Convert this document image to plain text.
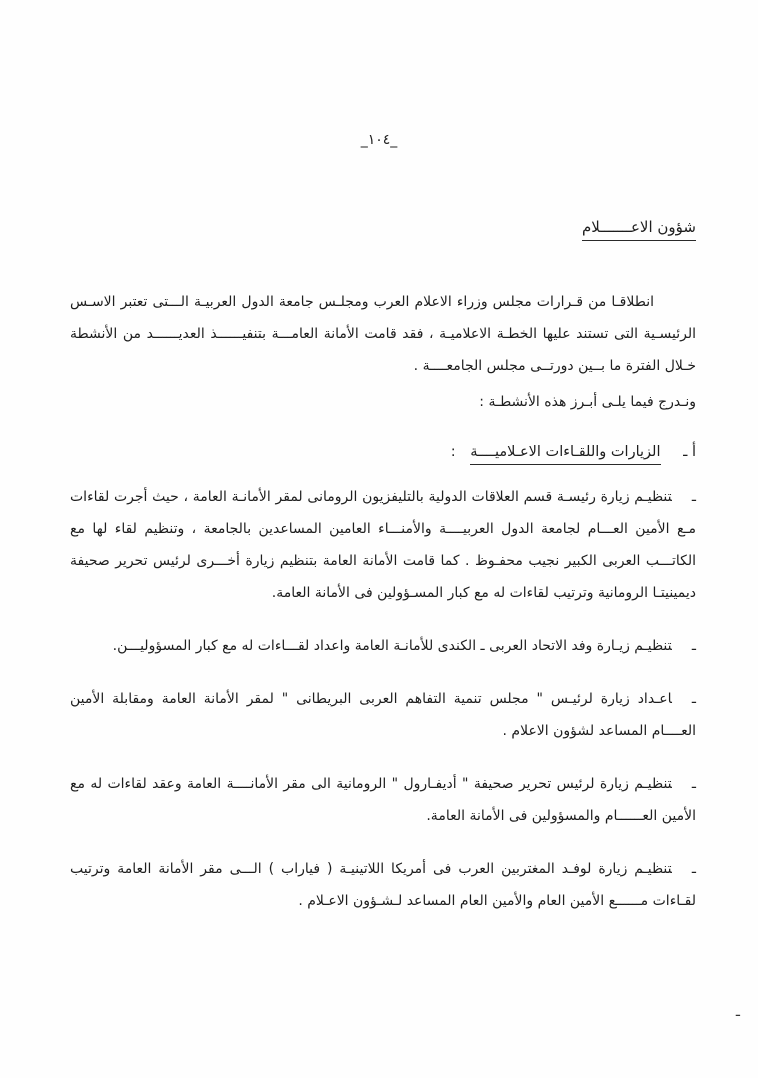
_١٠٤_
شؤون الاعـــــــلام

انطلاقـا من قـرارات مجلس وزراء الاعلام العرب ومجلـس جامعة الدول العربيـة الـــتى تعتبر الاسـس الرئيسـية التى تستند عليها الخطـة الاعلاميـة ، فقد قامت الأمانة العامـــة بتنفيــــــذ العديــــــد من الأنشطة خـلال الفترة ما بــين دورتــى مجلس الجامعــــة .

ونـدرج فيما يلـى أبـرز هذه الأنشطـة :

أ ـ الزيارات واللقـاءات الاعـلاميــــة :

ـتنظيـم زيارة رئيسـة قسم العلاقات الدولية بالتليفزيون الرومانى لمقر الأمانـة العامة ، حيث أجرت لقاءات مـع الأمين العـــام لجامعة الدول العربيــــة والأمنـــاء العامين المساعدين بالجامعة ، وتنظيم لقاء لها مع الكاتـــب العربى الكبير نجيب محفـوظ . كما قامت الأمانة العامة بتنظيم زيارة أخـــرى لرئيس تحرير صحيفة ديمينيتـا الرومانية وترتيب لقاءات له مع كبار المسـؤولين فى الأمانة العامة.

ـتنظيـم زيـارة وفد الاتحاد العربى ـ الكندى للأمانـة العامة واعداد لقـــاءات له مع كبار المسؤوليـــن.

ـاعـداد زيارة لرئيـس " مجلس تنمية التفاهم العربى البريطانى " لمقر الأمانة العامة ومقابلة الأمين العــــام المساعد لشؤون الاعلام .

ـتنظيـم زيارة لرئيس تحرير صحيفة " أديفـارول " الرومانية الى مقر الأمانــــة العامة وعقد لقاءات له مع الأمين العــــــام والمسؤولين فى الأمانة العامة.

ـتنظيـم زيارة لوفـد المغتربين العرب فى أمريكا اللاتينيـة ( فياراب ) الـــى مقر الأمانة العامة وترتيب لقـاءات مــــــع الأمين العام والأمين العام المساعد لـشـؤون الاعـلام .

ـ
